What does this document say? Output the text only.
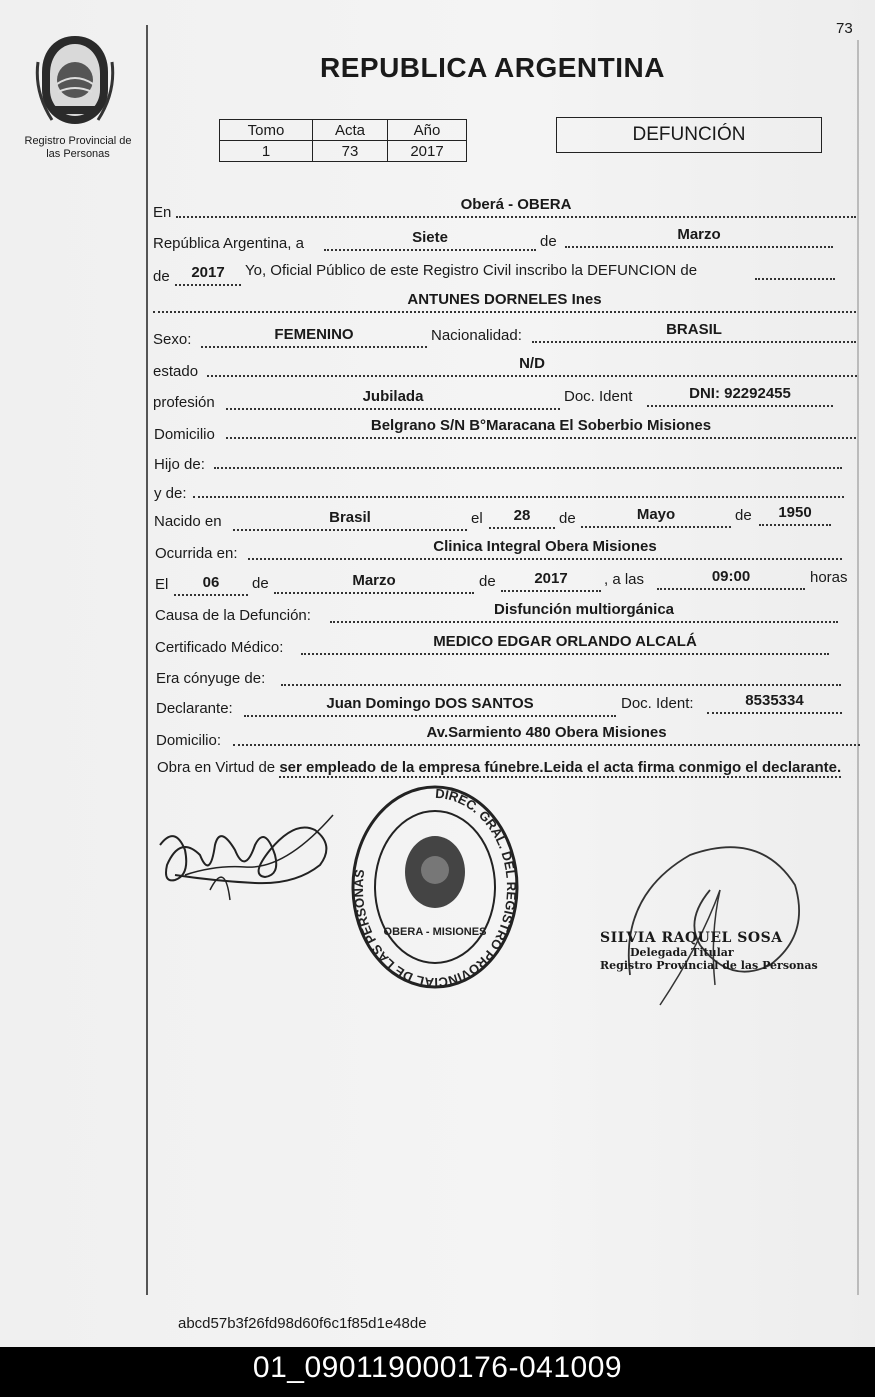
73
Registro Provincial de
las Personas
REPUBLICA ARGENTINA
Tomo	Acta	Año
1	73	2017
DEFUNCIÓN
En	Oberá - OBERA
República Argentina, a	Siete	de	Marzo
de	2017	Yo, Oficial Público de este Registro Civil inscribo la DEFUNCION de
ANTUNES DORNELES Ines
Sexo:	FEMENINO	Nacionalidad:	BRASIL
estado	N/D
profesión	Jubilada	Doc. Ident	DNI: 92292455
Domicilio
Belgrano S/N B°Maracana El Soberbio Misiones
Hijo de:
y de:
Nacido en	Brasil	el	28	de	Mayo	de	1950
Ocurrida en:	Clinica Integral Obera Misiones
El	06	de	Marzo	de	2017	, a las	09:00	horas
Causa de la Defunción:	Disfunción multiorgánica
Certificado Médico:	MEDICO EDGAR ORLANDO ALCALÁ
Era cónyuge de:
Declarante:	Juan Domingo DOS SANTOS	Doc. Ident:	8535334
Domicilio:	Av.Sarmiento 480 Obera Misiones
Obra en Virtud de ser empleado de la empresa fúnebre.Leida el acta firma conmigo el declarante.
DIREC. GRAL. DEL REGISTRO PROVINCIAL DE LAS PERSONAS
OBERA - MISIONES	SILVIA RAQUEL SOSA
Delegada Titular
Registro Provincial de las Personas
abcd57b3f26fd98d60f6c1f85d1e48de
01_090119000176-041009
